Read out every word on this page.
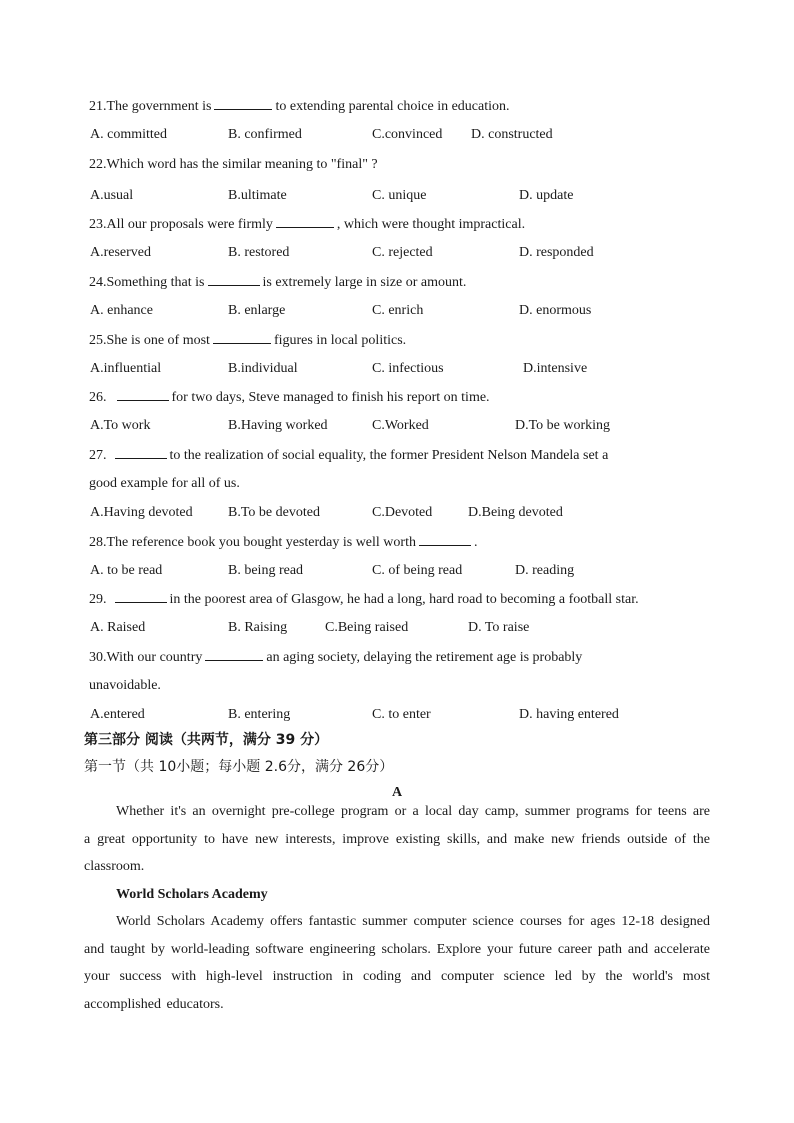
21.The government is	to extending parental choice in education.
A. committed	B. confirmed	C.convinced D. constructed
22.Which word has the similar meaning to "final" ?
A.usual	B.ultimate	C. unique	D. update
23.All our proposals were firmly	, which were thought impractical.
A.reserved	B. restored	C. rejected	D. responded
24.Something that is	is extremely large in size or amount.
A. enhance	B. enlarge	C. enrich	D. enormous
25.She is one of most	figures in local politics.
A.influential	B.individual	C. infectious	D.intensive
26.	for two days, Steve managed to finish his report on time.
A.To work	B.Having worked	C.Worked	D.To be working
27.	to the realization of social equality, the former President Nelson Mandela set a
good example for all of us.
A.Having devoted	B.To be devoted	C.Devoted	D.Being devoted
28.The reference book you bought yesterday is well worth	.
A. to be read	B. being read	C. of being read	D. reading
29.	in the poorest area of Glasgow, he had a long, hard road to becoming a football star.
A. Raised	B. Raising	C.Being raised	D. To raise
30.With our country	an aging society, delaying the retirement age is probably
unavoidable.
A.entered	B. entering	C. to enter	D. having entered
第三部分 阅读（共两节，满分 39 分）
第一节（共 10小题；每小题 2.6分，满分 26分）
A
Whether it's an overnight pre-college program or a local day camp, summer programs for teens are a great opportunity to have new interests, improve existing skills, and make new friends outside of the classroom.
World Scholars Academy
World Scholars Academy offers fantastic summer computer science courses for ages 12-18 designed and taught by world-leading software engineering scholars. Explore your future career path and accelerate your success with high-level instruction in coding and computer science led by the world's most accomplished educators.
